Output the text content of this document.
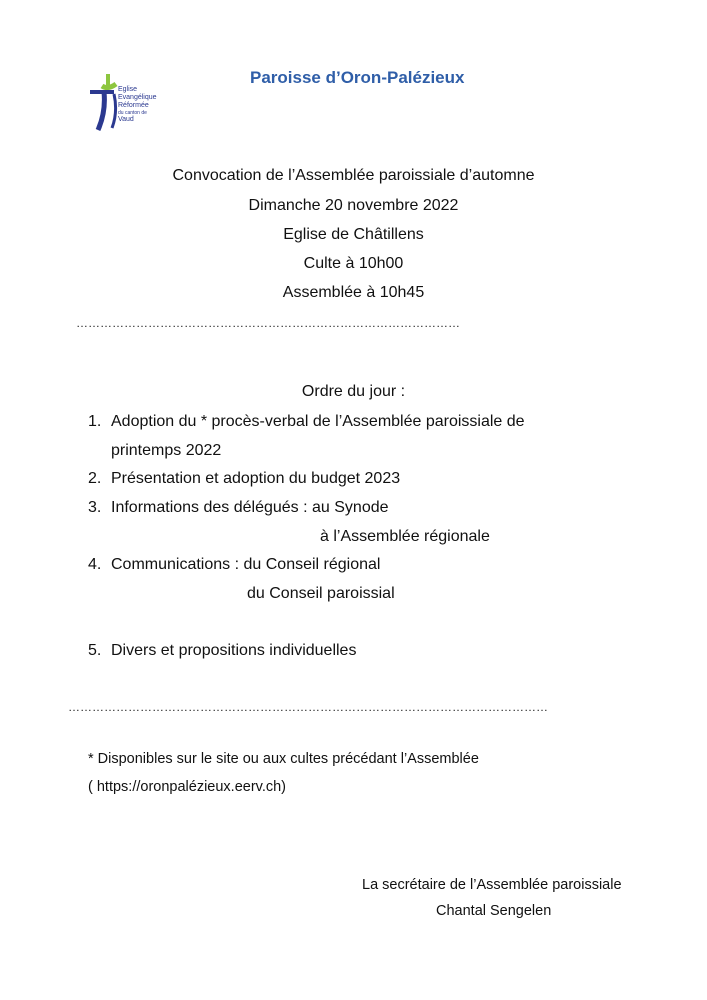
Eglise
Evangélique
Réformée
du canton de
Vaud
Paroisse d’Oron-Palézieux
Convocation de l’Assemblée paroissiale d’automne
Dimanche 20 novembre 2022
Eglise de Châtillens
Culte à 10h00
Assemblée à 10h45
……………………………………………………………………………………
Ordre du jour :
1. Adoption du * procès-verbal de l’Assemblée paroissiale de
printemps 2022
2. Présentation et adoption du budget 2023
3. Informations des délégués : au Synode
à l’Assemblée régionale
4. Communications : du Conseil régional
du Conseil paroissial
5. Divers et propositions individuelles
…………………………………………………………………………………………………………
* Disponibles sur le site ou aux cultes précédant l’Assemblée
( https://oronpalézieux.eerv.ch)
La secrétaire de l’Assemblée paroissiale
Chantal Sengelen
